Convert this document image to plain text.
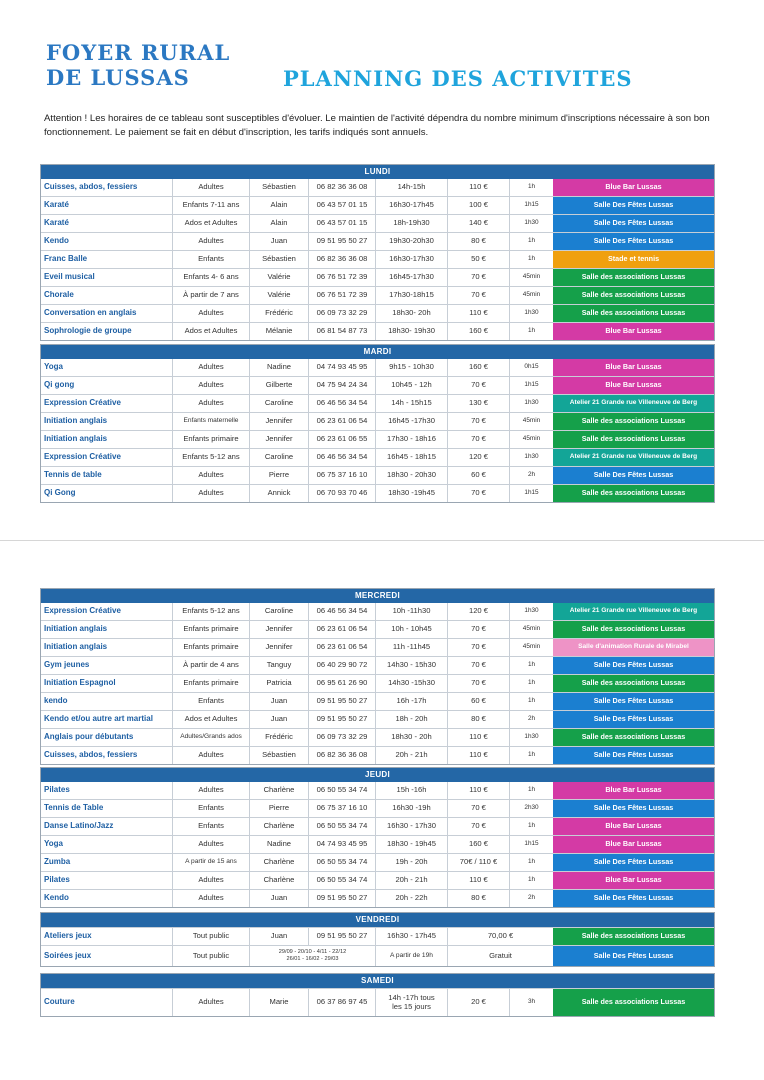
FOYER RURAL
DE LUSSAS	PLANNING DES ACTIVITES
Attention ! Les horaires de ce tableau sont susceptibles d'évoluer. Le maintien de l'activité dépendra du nombre minimum d'inscriptions nécessaire à son bon fonctionnement. Le paiement se fait en début d'inscription, les tarifs indiqués sont annuels.
LUNDI
Cuisses, abdos, fessiers	Adultes	Sébastien	06 82 36 36 08	14h-15h	110 €	1h	Blue Bar Lussas
Karaté	Enfants 7-11 ans	Alain	06 43 57 01 15	16h30-17h45	100 €	1h15	Salle Des Fêtes Lussas
Karaté	Ados et Adultes	Alain	06 43 57 01 15	18h-19h30	140 €	1h30	Salle Des Fêtes Lussas
Kendo	Adultes	Juan	09 51 95 50 27	19h30-20h30	80 €	1h	Salle Des Fêtes Lussas
Franc Balle	Enfants	Sébastien	06 82 36 36 08	16h30-17h30	50 €	1h	Stade et tennis
Eveil musical	Enfants 4- 6 ans	Valérie	06 76 51 72 39	16h45-17h30	70 €	45min	Salle des associations Lussas
Chorale	À partir de 7 ans	Valérie	06 76 51 72 39	17h30-18h15	70 €	45min	Salle des associations Lussas
Conversation en anglais	Adultes	Frédéric	06 09 73 32 29	18h30- 20h	110 €	1h30	Salle des associations Lussas
Sophrologie de groupe	Ados et Adultes	Mélanie	06 81 54 87 73	18h30- 19h30	160 €	1h	Blue Bar Lussas
MARDI
Yoga	Adultes	Nadine	04 74 93 45 95	9h15 - 10h30	160 €	0h15	Blue Bar Lussas
Qi gong	Adultes	Gilberte	04 75 94 24 34	10h45 - 12h	70 €	1h15	Blue Bar Lussas
Expression Créative	Adultes	Caroline	06 46 56 34 54	14h - 15h15	130 €	1h30	Atelier 21 Grande rue Villeneuve de Berg
Initiation anglais	Enfants maternelle	Jennifer	06 23 61 06 54	16h45 -17h30	70 €	45min	Salle des associations Lussas
Initiation anglais	Enfants primaire	Jennifer	06 23 61 06 55	17h30 - 18h16	70 €	45min	Salle des associations Lussas
Expression Créative	Enfants 5-12 ans	Caroline	06 46 56 34 54	16h45 - 18h15	120 €	1h30	Atelier 21 Grande rue Villeneuve de Berg
Tennis de table	Adultes	Pierre	06 75 37 16 10	18h30 - 20h30	60 €	2h	Salle Des Fêtes Lussas
Qi Gong	Adultes	Annick	06 70 93 70 46	18h30 -19h45	70 €	1h15	Salle des associations Lussas
MERCREDI
Expression Créative	Enfants 5-12 ans	Caroline	06 46 56 34 54	10h -11h30	120 €	1h30	Atelier 21 Grande rue Villeneuve de Berg
Initiation anglais	Enfants primaire	Jennifer	06 23 61 06 54	10h - 10h45	70 €	45min	Salle des associations Lussas
Initiation anglais	Enfants primaire	Jennifer	06 23 61 06 54	11h -11h45	70 €	45min	Salle d'animation Rurale de Mirabel
Gym jeunes	À partir de 4 ans	Tanguy	06 40 29 90 72	14h30 - 15h30	70 €	1h	Salle Des Fêtes Lussas
Initiation Espagnol	Enfants primaire	Patricia	06 95 61 26 90	14h30 -15h30	70 €	1h	Salle des associations Lussas
kendo	Enfants	Juan	09 51 95 50 27	16h -17h	60 €	1h	Salle Des Fêtes Lussas
Kendo et/ou autre art martial	Ados et Adultes	Juan	09 51 95 50 27	18h - 20h	80 €	2h	Salle Des Fêtes Lussas
Anglais pour débutants	Adultes/Grands ados	Frédéric	06 09 73 32 29	18h30 - 20h	110 €	1h30	Salle des associations Lussas
Cuisses, abdos, fessiers	Adultes	Sébastien	06 82 36 36 08	20h - 21h	110 €	1h	Salle Des Fêtes Lussas
JEUDI
Pilates	Adultes	Charlène	06 50 55 34 74	15h -16h	110 €	1h	Blue Bar Lussas
Tennis de Table	Enfants	Pierre	06 75 37 16 10	16h30 -19h	70 €	2h30	Salle Des Fêtes Lussas
Danse Latino/Jazz	Enfants	Charlène	06 50 55 34 74	16h30 - 17h30	70 €	1h	Blue Bar Lussas
Yoga	Adultes	Nadine	04 74 93 45 95	18h30 - 19h45	160 €	1h15	Blue Bar Lussas
Zumba	A partir de 15 ans	Charlène	06 50 55 34 74	19h - 20h	70€ / 110 €	1h	Salle Des Fêtes Lussas
Pilates	Adultes	Charlène	06 50 55 34 74	20h - 21h	110 €	1h	Blue Bar Lussas
Kendo	Adultes	Juan	09 51 95 50 27	20h - 22h	80 €	2h	Salle Des Fêtes Lussas
VENDREDI
Ateliers jeux	Tout public	Juan	09 51 95 50 27	16h30 - 17h45	70,00 €	Salle des associations Lussas
Soirées jeux	Tout public	29/09 - 20/10 - 4/11 - 22/12
26/01 - 16/02 - 29/03
A partir de 19h	Gratuit	Salle Des Fêtes Lussas
SAMEDI
Couture	Adultes	Marie	06 37 86 97 45	14h -17h tous
les 15 jours	20 €	3h	Salle des associations Lussas
